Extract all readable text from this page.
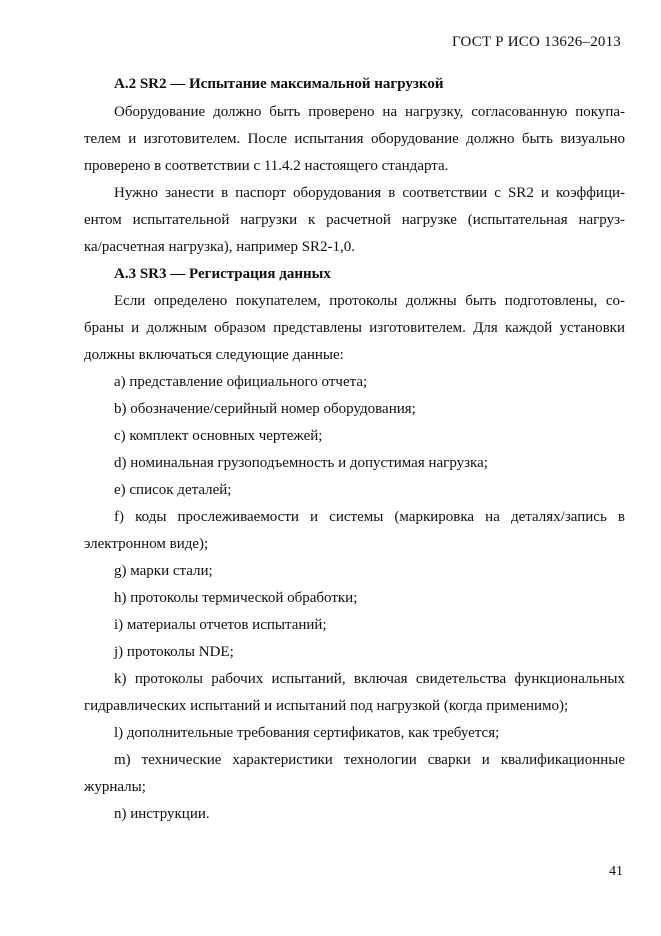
ГОСТ Р ИСО 13626–2013
А.2 SR2 — Испытание максимальной нагрузкой
Оборудование должно быть проверено на нагрузку, согласованную покупа-
телем и изготовителем. После испытания оборудование должно быть визуально
проверено в соответствии с 11.4.2 настоящего стандарта.
Нужно занести в паспорт оборудования в соответствии с SR2 и коэффици-
ентом испытательной нагрузки к расчетной нагрузке (испытательная нагруз-
ка/расчетная нагрузка), например SR2-1,0.
А.3 SR3 — Регистрация данных
Если определено покупателем, протоколы должны быть подготовлены, со-
браны и должным образом представлены изготовителем. Для каждой установки
должны включаться следующие данные:
a) представление официального отчета;
b) обозначение/серийный номер оборудования;
c) комплект основных чертежей;
d) номинальная грузоподъемность и допустимая нагрузка;
e) список деталей;
f) коды прослеживаемости и системы (маркировка на деталях/запись в
электронном виде);
g) марки стали;
h) протоколы термической обработки;
i) материалы отчетов испытаний;
j) протоколы NDE;
k) протоколы рабочих испытаний, включая свидетельства функциональных
гидравлических испытаний и испытаний под нагрузкой (когда применимо);
l) дополнительные требования сертификатов, как требуется;
m) технические характеристики технологии сварки и квалификационные
журналы;
n) инструкции.
41
